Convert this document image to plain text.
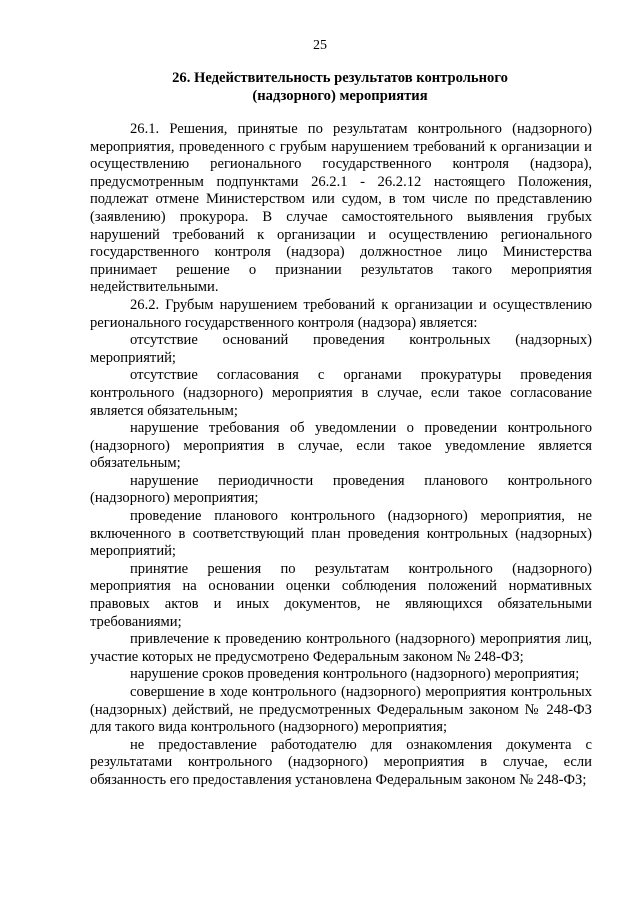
25
26. Недействительность результатов контрольного
(надзорного) мероприятия

26.1. Решения, принятые по результатам контрольного (надзорного) мероприятия, проведенного с грубым нарушением требований к организации и осуществлению регионального государственного контроля (надзора), предусмотренным подпунктами 26.2.1 - 26.2.12 настоящего Положения, подлежат отмене Министерством или судом, в том числе по представлению (заявлению) прокурора. В случае самостоятельного выявления грубых нарушений требований к организации и осуществлению регионального государственного контроля (надзора) должностное лицо Министерства принимает решение о признании результатов такого мероприятия недействительными.

26.2. Грубым нарушением требований к организации и осуществлению регионального государственного контроля (надзора) является:

отсутствие оснований проведения контрольных (надзорных) мероприятий;

отсутствие согласования с органами прокуратуры проведения контрольного (надзорного) мероприятия в случае, если такое согласование является обязательным;

нарушение требования об уведомлении о проведении контрольного (надзорного) мероприятия в случае, если такое уведомление является обязательным;

нарушение периодичности проведения планового контрольного (надзорного) мероприятия;

проведение планового контрольного (надзорного) мероприятия, не включенного в соответствующий план проведения контрольных (надзорных) мероприятий;

принятие решения по результатам контрольного (надзорного) мероприятия на основании оценки соблюдения положений нормативных правовых актов и иных документов, не являющихся обязательными требованиями;

привлечение к проведению контрольного (надзорного) мероприятия лиц, участие которых не предусмотрено Федеральным законом № 248-ФЗ;

нарушение сроков проведения контрольного (надзорного) мероприятия;

совершение в ходе контрольного (надзорного) мероприятия контрольных (надзорных) действий, не предусмотренных Федеральным законом № 248-ФЗ для такого вида контрольного (надзорного) мероприятия;

не предоставление работодателю для ознакомления документа с результатами контрольного (надзорного) мероприятия в случае, если обязанность его предоставления установлена Федеральным законом № 248-ФЗ;
